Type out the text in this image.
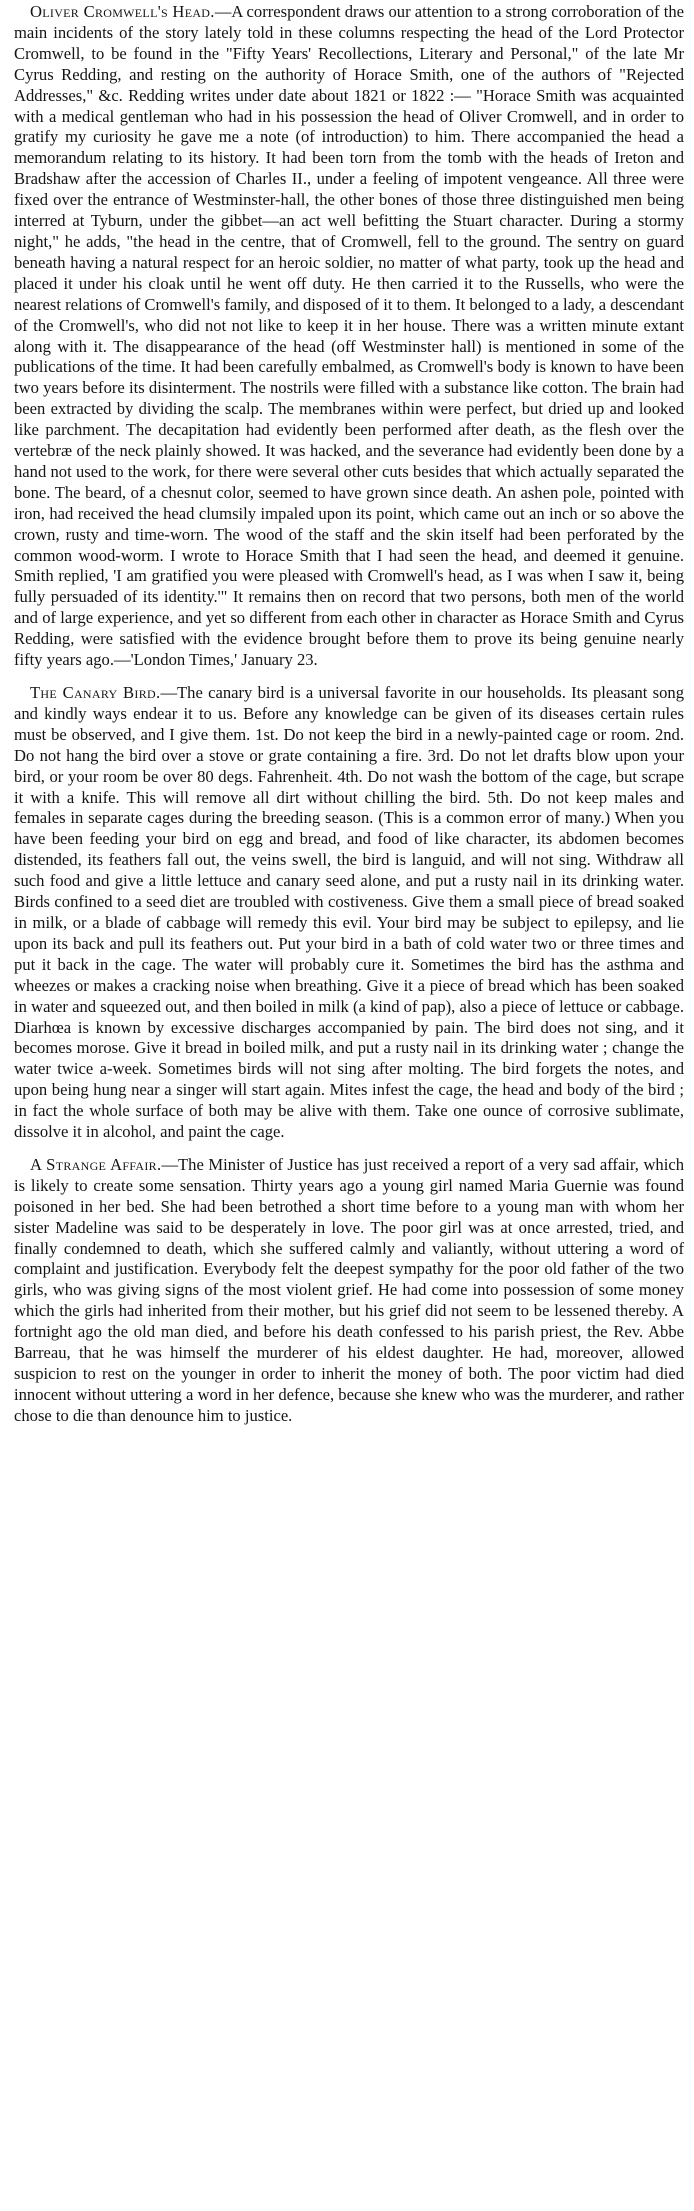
Oliver Cromwell's Head.—A correspondent draws our attention to a strong corroboration of the main incidents of the story lately told in these columns respecting the head of the Lord Protector Cromwell, to be found in the "Fifty Years' Recollections, Literary and Personal," of the late Mr Cyrus Redding, and resting on the authority of Horace Smith, one of the authors of "Rejected Addresses," &c. Redding writes under date about 1821 or 1822 :— "Horace Smith was acquainted with a medical gentleman who had in his possession the head of Oliver Cromwell, and in order to gratify my curiosity he gave me a note (of introduction) to him. There accompanied the head a memorandum relating to its history. It had been torn from the tomb with the heads of Ireton and Bradshaw after the accession of Charles II., under a feeling of impotent vengeance. All three were fixed over the entrance of Westminster-hall, the other bones of those three distinguished men being interred at Tyburn, under the gibbet—an act well befitting the Stuart character. During a stormy night," he adds, "the head in the centre, that of Cromwell, fell to the ground. The sentry on guard beneath having a natural respect for an heroic soldier, no matter of what party, took up the head and placed it under his cloak until he went off duty. He then carried it to the Russells, who were the nearest relations of Cromwell's family, and disposed of it to them. It belonged to a lady, a descendant of the Cromwell's, who did not not like to keep it in her house. There was a written minute extant along with it. The disappearance of the head (off Westminster hall) is mentioned in some of the publications of the time. It had been carefully embalmed, as Cromwell's body is known to have been two years before its disinterment. The nostrils were filled with a substance like cotton. The brain had been extracted by dividing the scalp. The membranes within were perfect, but dried up and looked like parchment. The decapitation had evidently been performed after death, as the flesh over the vertebræ of the neck plainly showed. It was hacked, and the severance had evidently been done by a hand not used to the work, for there were several other cuts besides that which actually separated the bone. The beard, of a chesnut color, seemed to have grown since death. An ashen pole, pointed with iron, had received the head clumsily impaled upon its point, which came out an inch or so above the crown, rusty and time-worn. The wood of the staff and the skin itself had been perforated by the common wood-worm. I wrote to Horace Smith that I had seen the head, and deemed it genuine. Smith replied, 'I am gratified you were pleased with Cromwell's head, as I was when I saw it, being fully persuaded of its identity.'" It remains then on record that two persons, both men of the world and of large experience, and yet so different from each other in character as Horace Smith and Cyrus Redding, were satisfied with the evidence brought before them to prove its being genuine nearly fifty years ago.—'London Times,' January 23.

The Canary Bird.—The canary bird is a universal favorite in our households. Its pleasant song and kindly ways endear it to us. Before any knowledge can be given of its diseases certain rules must be observed, and I give them. 1st. Do not keep the bird in a newly-painted cage or room. 2nd. Do not hang the bird over a stove or grate containing a fire. 3rd. Do not let drafts blow upon your bird, or your room be over 80 degs. Fahrenheit. 4th. Do not wash the bottom of the cage, but scrape it with a knife. This will remove all dirt without chilling the bird. 5th. Do not keep males and females in separate cages during the breeding season. (This is a common error of many.) When you have been feeding your bird on egg and bread, and food of like character, its abdomen becomes distended, its feathers fall out, the veins swell, the bird is languid, and will not sing. Withdraw all such food and give a little lettuce and canary seed alone, and put a rusty nail in its drinking water. Birds confined to a seed diet are troubled with costiveness. Give them a small piece of bread soaked in milk, or a blade of cabbage will remedy this evil. Your bird may be subject to epilepsy, and lie upon its back and pull its feathers out. Put your bird in a bath of cold water two or three times and put it back in the cage. The water will probably cure it. Sometimes the bird has the asthma and wheezes or makes a cracking noise when breathing. Give it a piece of bread which has been soaked in water and squeezed out, and then boiled in milk (a kind of pap), also a piece of lettuce or cabbage. Diarhœa is known by excessive discharges accompanied by pain. The bird does not sing, and it becomes morose. Give it bread in boiled milk, and put a rusty nail in its drinking water ; change the water twice a-week. Sometimes birds will not sing after molting. The bird forgets the notes, and upon being hung near a singer will start again. Mites infest the cage, the head and body of the bird ; in fact the whole surface of both may be alive with them. Take one ounce of corrosive sublimate, dissolve it in alcohol, and paint the cage.

A Strange Affair.—The Minister of Justice has just received a report of a very sad affair, which is likely to create some sensation. Thirty years ago a young girl named Maria Guernie was found poisoned in her bed. She had been betrothed a short time before to a young man with whom her sister Madeline was said to be desperately in love. The poor girl was at once arrested, tried, and finally condemned to death, which she suffered calmly and valiantly, without uttering a word of complaint and justification. Everybody felt the deepest sympathy for the poor old father of the two girls, who was giving signs of the most violent grief. He had come into possession of some money which the girls had inherited from their mother, but his grief did not seem to be lessened thereby. A fortnight ago the old man died, and before his death confessed to his parish priest, the Rev. Abbe Barreau, that he was himself the murderer of his eldest daughter. He had, moreover, allowed suspicion to rest on the younger in order to inherit the money of both. The poor victim had died innocent without uttering a word in her defence, because she knew who was the murderer, and rather chose to die than denounce him to justice.
